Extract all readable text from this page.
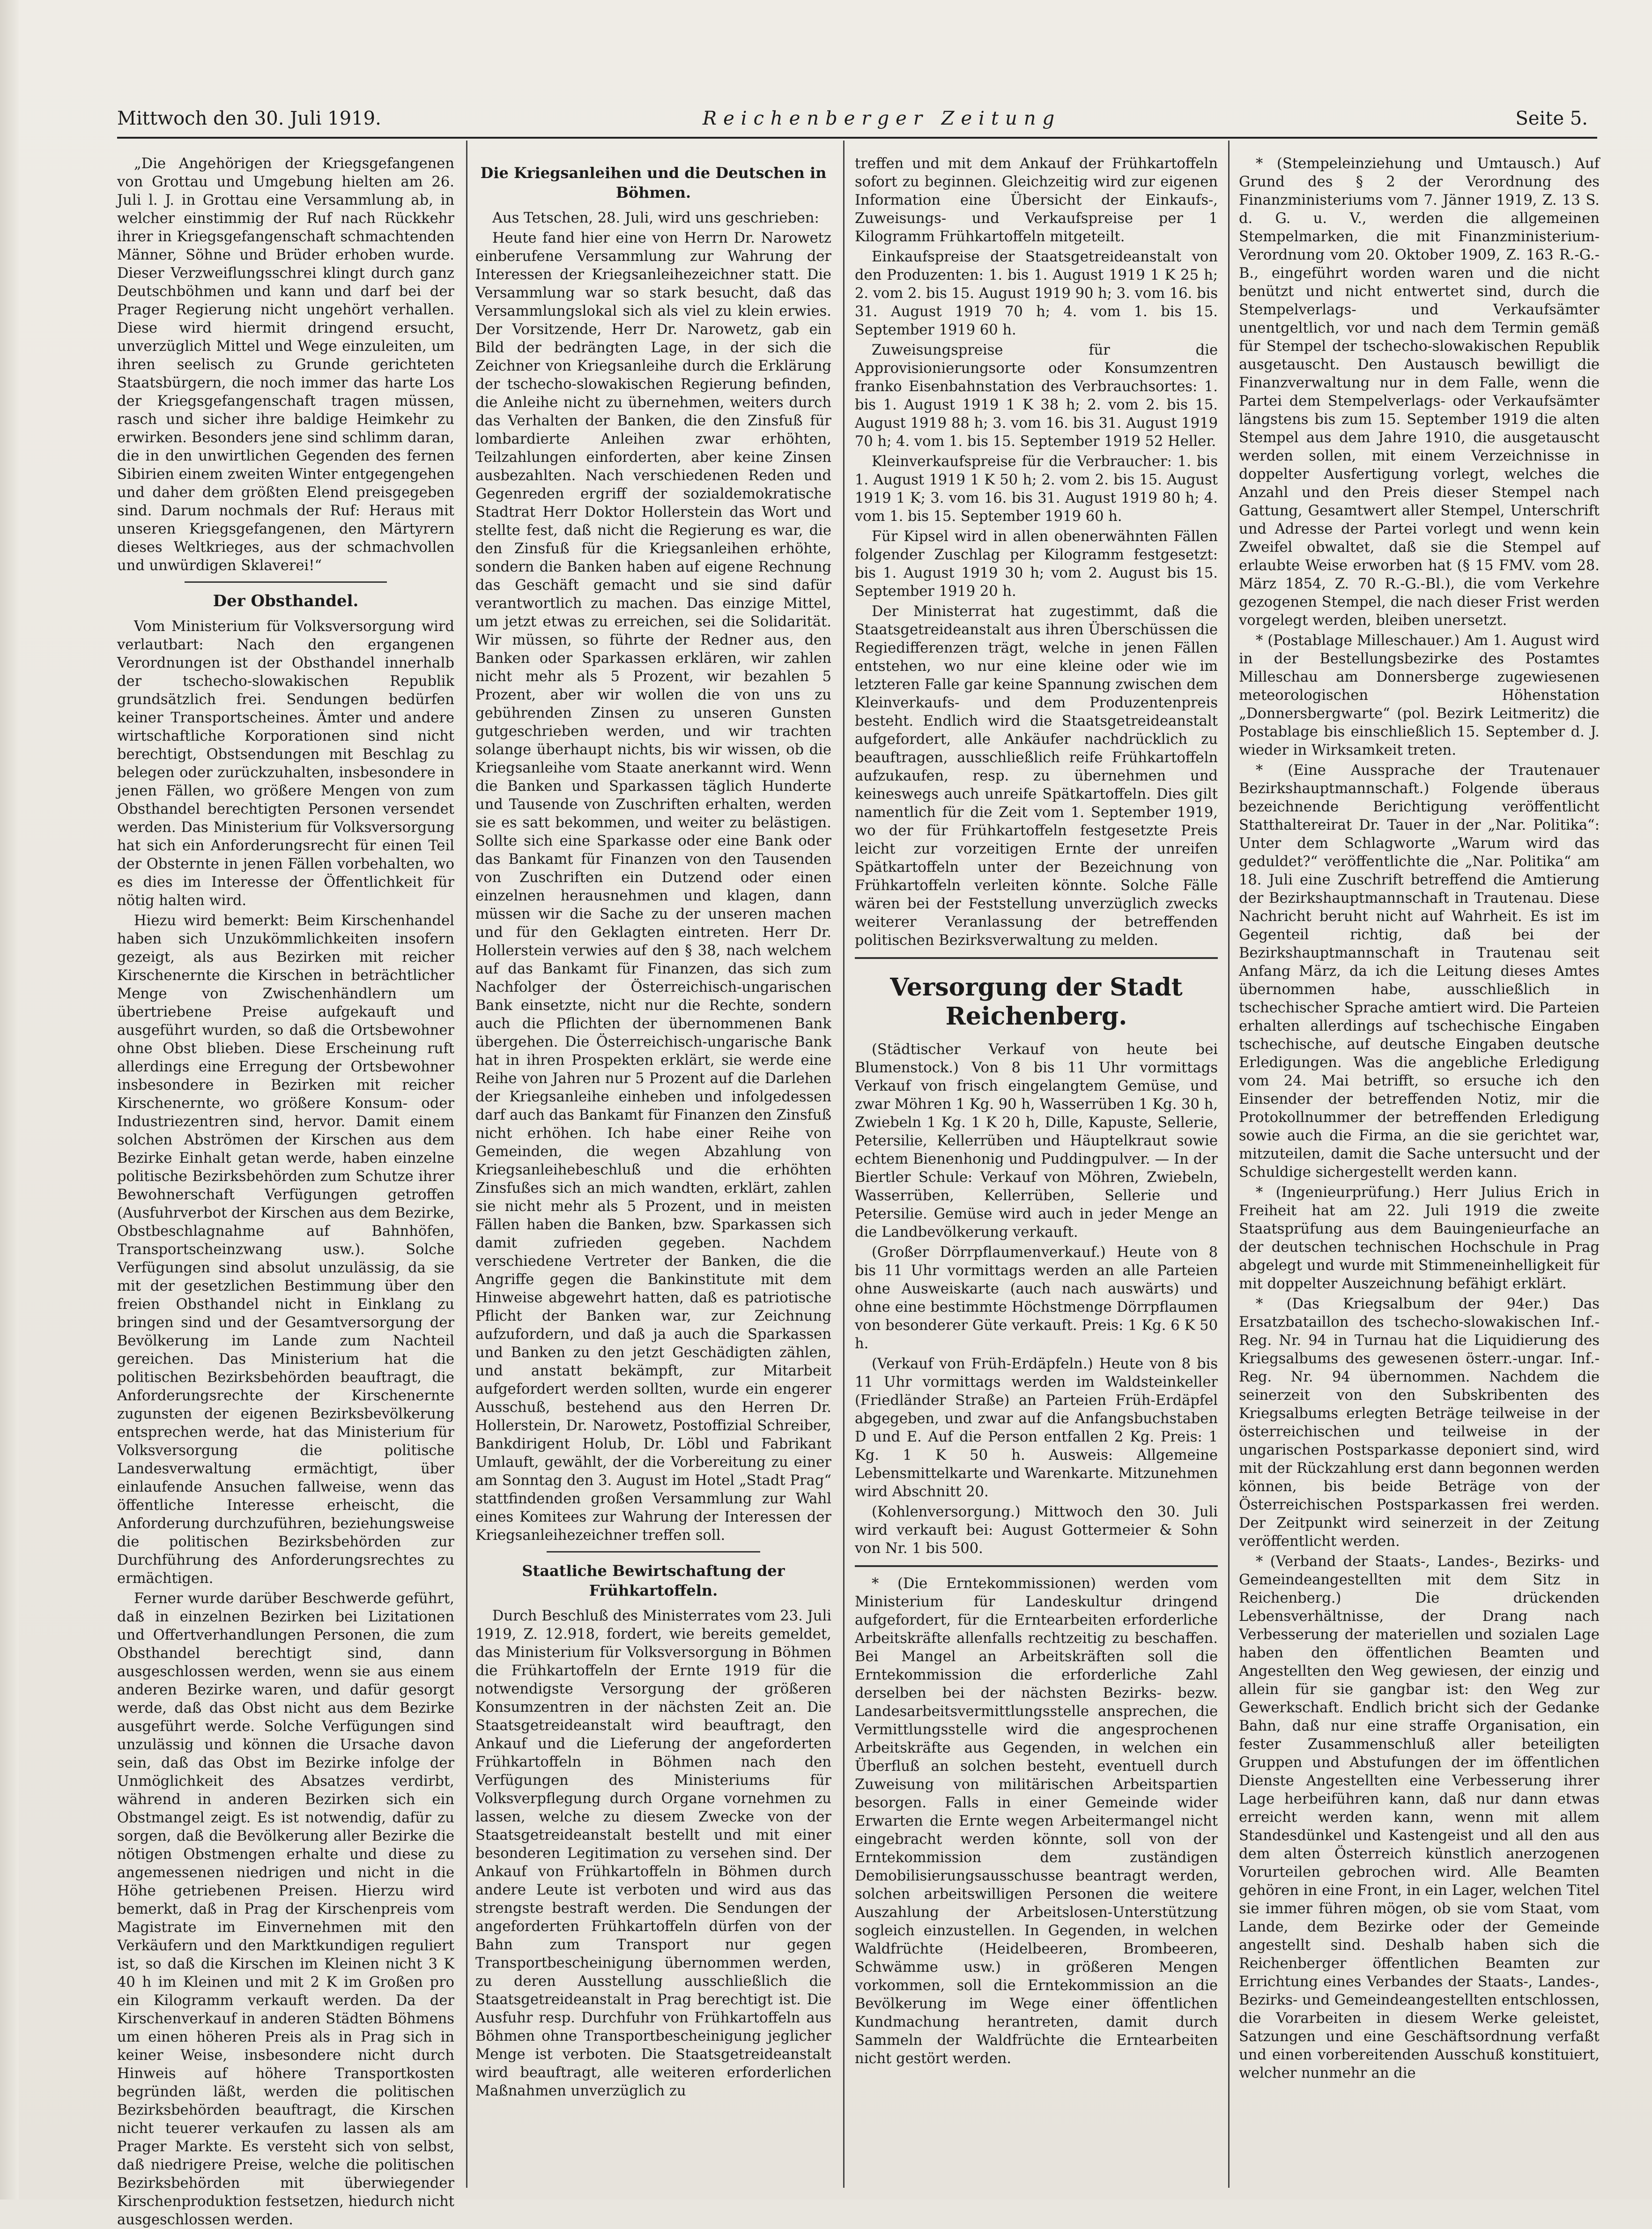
Mittwoch den 30. Juli 1919.	Reichenberger Zeitung	Seite 5.

„Die Angehörigen der Kriegsgefangenen von Grottau und Umgebung hielten am 26. Juli l. J. in Grottau eine Versammlung ab, in welcher einstimmig der Ruf nach Rückkehr ihrer in Kriegsgefangenschaft schmachtenden Männer, Söhne und Brüder erhoben wurde. Dieser Verzweiflungsschrei klingt durch ganz Deutschböhmen und kann und darf bei der Prager Regierung nicht ungehört verhallen. Diese wird hiermit dringend ersucht, unverzüglich Mittel und Wege einzuleiten, um ihren seelisch zu Grunde gerichteten Staatsbürgern, die noch immer das harte Los der Kriegsgefangenschaft tragen müssen, rasch und sicher ihre baldige Heimkehr zu erwirken. Besonders jene sind schlimm daran, die in den unwirtlichen Gegenden des fernen Sibirien einem zweiten Winter entgegengehen und daher dem größten Elend preisgegeben sind. Darum nochmals der Ruf: Heraus mit unseren Kriegsgefangenen, den Märtyrern dieses Weltkrieges, aus der schmachvollen und unwürdigen Sklaverei!“

Der Obsthandel.

Vom Ministerium für Volksversorgung wird verlautbart: Nach den ergangenen Verordnungen ist der Obsthandel innerhalb der tschecho-slowakischen Republik grundsätzlich frei. Sendungen bedürfen keiner Transportscheines. Ämter und andere wirtschaftliche Korporationen sind nicht berechtigt, Obstsendungen mit Beschlag zu belegen oder zurückzuhalten, insbesondere in jenen Fällen, wo größere Mengen von zum Obsthandel berechtigten Personen versendet werden. Das Ministerium für Volksversorgung hat sich ein Anforderungsrecht für einen Teil der Obsternte in jenen Fällen vorbehalten, wo es dies im Interesse der Öffentlichkeit für nötig halten wird.

Hiezu wird bemerkt: Beim Kirschenhandel haben sich Unzukömmlichkeiten insofern gezeigt, als aus Bezirken mit reicher Kirschenernte die Kirschen in beträchtlicher Menge von Zwischenhändlern um übertriebene Preise aufgekauft und ausgeführt wurden, so daß die Ortsbewohner ohne Obst blieben. Diese Erscheinung ruft allerdings eine Erregung der Ortsbewohner insbesondere in Bezirken mit reicher Kirschenernte, wo größere Konsum- oder Industriezentren sind, hervor. Damit einem solchen Abströmen der Kirschen aus dem Bezirke Einhalt getan werde, haben einzelne politische Bezirksbehörden zum Schutze ihrer Bewohnerschaft Verfügungen getroffen (Ausfuhrverbot der Kirschen aus dem Bezirke, Obstbeschlagnahme auf Bahnhöfen, Transportscheinzwang usw.). Solche Verfügungen sind absolut unzulässig, da sie mit der gesetzlichen Bestimmung über den freien Obsthandel nicht in Einklang zu bringen sind und der Gesamtversorgung der Bevölkerung im Lande zum Nachteil gereichen. Das Ministerium hat die politischen Bezirksbehörden beauftragt, die Anforderungsrechte der Kirschenernte zugunsten der eigenen Bezirksbevölkerung entsprechen werde, hat das Ministerium für Volksversorgung die politische Landesverwaltung ermächtigt, über einlaufende Ansuchen fallweise, wenn das öffentliche Interesse erheischt, die Anforderung durchzuführen, beziehungsweise die politischen Bezirksbehörden zur Durchführung des Anforderungsrechtes zu ermächtigen.

Ferner wurde darüber Beschwerde geführt, daß in einzelnen Bezirken bei Lizitationen und Offertverhandlungen Personen, die zum Obsthandel berechtigt sind, dann ausgeschlossen werden, wenn sie aus einem anderen Bezirke waren, und dafür gesorgt werde, daß das Obst nicht aus dem Bezirke ausgeführt werde. Solche Verfügungen sind unzulässig und können die Ursache davon sein, daß das Obst im Bezirke infolge der Unmöglichkeit des Absatzes verdirbt, während in anderen Bezirken sich ein Obstmangel zeigt. Es ist notwendig, dafür zu sorgen, daß die Bevölkerung aller Bezirke die nötigen Obstmengen erhalte und diese zu angemessenen niedrigen und nicht in die Höhe getriebenen Preisen. Hierzu wird bemerkt, daß in Prag der Kirschenpreis vom Magistrate im Einvernehmen mit den Verkäufern und den Marktkundigen reguliert ist, so daß die Kirschen im Kleinen nicht 3 K 40 h im Kleinen und mit 2 K im Großen pro ein Kilogramm verkauft werden. Da der Kirschenverkauf in anderen Städten Böhmens um einen höheren Preis als in Prag sich in keiner Weise, insbesondere nicht durch Hinweis auf höhere Transportkosten begründen läßt, werden die politischen Bezirksbehörden beauftragt, die Kirschen nicht teuerer verkaufen zu lassen als am Prager Markte. Es versteht sich von selbst, daß niedrigere Preise, welche die politischen Bezirksbehörden mit überwiegender Kirschenproduktion festsetzen, hiedurch nicht ausgeschlossen werden.

Die Kriegsanleihen und die Deutschen in Böhmen.

Aus Tetschen, 28. Juli, wird uns geschrieben:

Heute fand hier eine von Herrn Dr. Narowetz einberufene Versammlung zur Wahrung der Interessen der Kriegsanleihezeichner statt. Die Versammlung war so stark besucht, daß das Versammlungslokal sich als viel zu klein erwies. Der Vorsitzende, Herr Dr. Narowetz, gab ein Bild der bedrängten Lage, in der sich die Zeichner von Kriegsanleihe durch die Erklärung der tschecho-slowakischen Regierung befinden, die Anleihe nicht zu übernehmen, weiters durch das Verhalten der Banken, die den Zinsfuß für lombardierte Anleihen zwar erhöhten, Teilzahlungen einforderten, aber keine Zinsen ausbezahlten. Nach verschiedenen Reden und Gegenreden ergriff der sozialdemokratische Stadtrat Herr Doktor Hollerstein das Wort und stellte fest, daß nicht die Regierung es war, die den Zinsfuß für die Kriegsanleihen erhöhte, sondern die Banken haben auf eigene Rechnung das Geschäft gemacht und sie sind dafür verantwortlich zu machen. Das einzige Mittel, um jetzt etwas zu erreichen, sei die Solidarität. Wir müssen, so führte der Redner aus, den Banken oder Sparkassen erklären, wir zahlen nicht mehr als 5 Prozent, wir bezahlen 5 Prozent, aber wir wollen die von uns zu gebührenden Zinsen zu unseren Gunsten gutgeschrieben werden, und wir trachten solange überhaupt nichts, bis wir wissen, ob die Kriegsanleihe vom Staate anerkannt wird. Wenn die Banken und Sparkassen täglich Hunderte und Tausende von Zuschriften erhalten, werden sie es satt bekommen, und weiter zu belästigen. Sollte sich eine Sparkasse oder eine Bank oder das Bankamt für Finanzen von den Tausenden von Zuschriften ein Dutzend oder einen einzelnen herausnehmen und klagen, dann müssen wir die Sache zu der unseren machen und für den Geklagten eintreten. Herr Dr. Hollerstein verwies auf den § 38, nach welchem auf das Bankamt für Finanzen, das sich zum Nachfolger der Österreichisch-ungarischen Bank einsetzte, nicht nur die Rechte, sondern auch die Pflichten der übernommenen Bank übergehen. Die Österreichisch-ungarische Bank hat in ihren Prospekten erklärt, sie werde eine Reihe von Jahren nur 5 Prozent auf die Darlehen der Kriegsanleihe einheben und infolgedessen darf auch das Bankamt für Finanzen den Zinsfuß nicht erhöhen. Ich habe einer Reihe von Gemeinden, die wegen Abzahlung von Kriegsanleihebeschluß und die erhöhten Zinsfußes sich an mich wandten, erklärt, zahlen sie nicht mehr als 5 Prozent, und in meisten Fällen haben die Banken, bzw. Sparkassen sich damit zufrieden gegeben. Nachdem verschiedene Vertreter der Banken, die die Angriffe gegen die Bankinstitute mit dem Hinweise abgewehrt hatten, daß es patriotische Pflicht der Banken war, zur Zeichnung aufzufordern, und daß ja auch die Sparkassen und Banken zu den jetzt Geschädigten zählen, und anstatt bekämpft, zur Mitarbeit aufgefordert werden sollten, wurde ein engerer Ausschuß, bestehend aus den Herren Dr. Hollerstein, Dr. Narowetz, Postoffizial Schreiber, Bankdirigent Holub, Dr. Löbl und Fabrikant Umlauft, gewählt, der die Vorbereitung zu einer am Sonntag den 3. August im Hotel „Stadt Prag“ stattfindenden großen Versammlung zur Wahl eines Komitees zur Wahrung der Interessen der Kriegsanleihezeichner treffen soll.

Staatliche Bewirtschaftung der Frühkartoffeln.

Durch Beschluß des Ministerrates vom 23. Juli 1919, Z. 12.918, fordert, wie bereits gemeldet, das Ministerium für Volksversorgung in Böhmen die Frühkartoffeln der Ernte 1919 für die notwendigste Versorgung der größeren Konsumzentren in der nächsten Zeit an. Die Staatsgetreideanstalt wird beauftragt, den Ankauf und die Lieferung der angeforderten Frühkartoffeln in Böhmen nach den Verfügungen des Ministeriums für Volksverpflegung durch Organe vornehmen zu lassen, welche zu diesem Zwecke von der Staatsgetreideanstalt bestellt und mit einer besonderen Legitimation zu versehen sind. Der Ankauf von Frühkartoffeln in Böhmen durch andere Leute ist verboten und wird aus das strengste bestraft werden. Die Sendungen der angeforderten Frühkartoffeln dürfen von der Bahn zum Transport nur gegen Transportbescheinigung übernommen werden, zu deren Ausstellung ausschließlich die Staatsgetreideanstalt in Prag berechtigt ist. Die Ausfuhr resp. Durchfuhr von Frühkartoffeln aus Böhmen ohne Transportbescheinigung jeglicher Menge ist verboten. Die Staatsgetreideanstalt wird beauftragt, alle weiteren erforderlichen Maßnahmen unverzüglich zu

treffen und mit dem Ankauf der Frühkartoffeln sofort zu beginnen. Gleichzeitig wird zur eigenen Information eine Übersicht der Einkaufs-, Zuweisungs- und Verkaufspreise per 1 Kilogramm Frühkartoffeln mitgeteilt.

Einkaufspreise der Staatsgetreideanstalt von den Produzenten: 1. bis 1. August 1919 1 K 25 h; 2. vom 2. bis 15. August 1919 90 h; 3. vom 16. bis 31. August 1919 70 h; 4. vom 1. bis 15. September 1919 60 h.

Zuweisungspreise für die Approvisionierungsorte oder Konsumzentren franko Eisenbahnstation des Verbrauchsortes: 1. bis 1. August 1919 1 K 38 h; 2. vom 2. bis 15. August 1919 88 h; 3. vom 16. bis 31. August 1919 70 h; 4. vom 1. bis 15. September 1919 52 Heller.

Kleinverkaufspreise für die Verbraucher: 1. bis 1. August 1919 1 K 50 h; 2. vom 2. bis 15. August 1919 1 K; 3. vom 16. bis 31. August 1919 80 h; 4. vom 1. bis 15. September 1919 60 h.

Für Kipsel wird in allen obenerwähnten Fällen folgender Zuschlag per Kilogramm festgesetzt: bis 1. August 1919 30 h; vom 2. August bis 15. September 1919 20 h.

Der Ministerrat hat zugestimmt, daß die Staatsgetreideanstalt aus ihren Überschüssen die Regiedifferenzen trägt, welche in jenen Fällen entstehen, wo nur eine kleine oder wie im letzteren Falle gar keine Spannung zwischen dem Kleinverkaufs- und dem Produzentenpreis besteht. Endlich wird die Staatsgetreideanstalt aufgefordert, alle Ankäufer nachdrücklich zu beauftragen, ausschließlich reife Frühkartoffeln aufzukaufen, resp. zu übernehmen und keineswegs auch unreife Spätkartoffeln. Dies gilt namentlich für die Zeit vom 1. September 1919, wo der für Frühkartoffeln festgesetzte Preis leicht zur vorzeitigen Ernte der unreifen Spätkartoffeln unter der Bezeichnung von Frühkartoffeln verleiten könnte. Solche Fälle wären bei der Feststellung unverzüglich zwecks weiterer Veranlassung der betreffenden politischen Bezirksverwaltung zu melden.

Versorgung der Stadt Reichenberg.

(Städtischer Verkauf von heute bei Blumenstock.) Von 8 bis 11 Uhr vormittags Verkauf von frisch eingelangtem Gemüse, und zwar Möhren 1 Kg. 90 h, Wasserrüben 1 Kg. 30 h, Zwiebeln 1 Kg. 1 K 20 h, Dille, Kapuste, Sellerie, Petersilie, Kellerrüben und Häuptelkraut sowie echtem Bienenhonig und Puddingpulver. — In der Biertler Schule: Verkauf von Möhren, Zwiebeln, Wasserrüben, Kellerrüben, Sellerie und Petersilie. Gemüse wird auch in jeder Menge an die Landbevölkerung verkauft.

(Großer Dörrpflaumenverkauf.) Heute von 8 bis 11 Uhr vormittags werden an alle Parteien ohne Ausweiskarte (auch nach auswärts) und ohne eine bestimmte Höchstmenge Dörrpflaumen von besonderer Güte verkauft. Preis: 1 Kg. 6 K 50 h.

(Verkauf von Früh-Erdäpfeln.) Heute von 8 bis 11 Uhr vormittags werden im Waldsteinkeller (Friedländer Straße) an Parteien Früh-Erdäpfel abgegeben, und zwar auf die Anfangsbuchstaben D und E. Auf die Person entfallen 2 Kg. Preis: 1 Kg. 1 K 50 h. Ausweis: Allgemeine Lebensmittelkarte und Warenkarte. Mitzunehmen wird Abschnitt 20.

(Kohlenversorgung.) Mittwoch den 30. Juli wird verkauft bei: August Gottermeier & Sohn von Nr. 1 bis 500.

* (Die Erntekommissionen) werden vom Ministerium für Landeskultur dringend aufgefordert, für die Erntearbeiten erforderliche Arbeitskräfte allenfalls rechtzeitig zu beschaffen. Bei Mangel an Arbeitskräften soll die Erntekommission die erforderliche Zahl derselben bei der nächsten Bezirks- bezw. Landesarbeitsvermittlungsstelle ansprechen, die Vermittlungsstelle wird die angesprochenen Arbeitskräfte aus Gegenden, in welchen ein Überfluß an solchen besteht, eventuell durch Zuweisung von militärischen Arbeitspartien besorgen. Falls in einer Gemeinde wider Erwarten die Ernte wegen Arbeitermangel nicht eingebracht werden könnte, soll von der Erntekommission dem zuständigen Demobilisierungsausschusse beantragt werden, solchen arbeitswilligen Personen die weitere Auszahlung der Arbeitslosen-Unterstützung sogleich einzustellen. In Gegenden, in welchen Waldfrüchte (Heidelbeeren, Brombeeren, Schwämme usw.) in größeren Mengen vorkommen, soll die Erntekommission an die Bevölkerung im Wege einer öffentlichen Kundmachung herantreten, damit durch Sammeln der Waldfrüchte die Erntearbeiten nicht gestört werden.

* (Stempeleinziehung und Umtausch.) Auf Grund des § 2 der Verordnung des Finanzministeriums vom 7. Jänner 1919, Z. 13 S. d. G. u. V., werden die allgemeinen Stempelmarken, die mit Finanzministerium-Verordnung vom 20. Oktober 1909, Z. 163 R.-G.-B., eingeführt worden waren und die nicht benützt und nicht entwertet sind, durch die Stempelverlags- und Verkaufsämter unentgeltlich, vor und nach dem Termin gemäß für Stempel der tschecho-slowakischen Republik ausgetauscht. Den Austausch bewilligt die Finanzverwaltung nur in dem Falle, wenn die Partei dem Stempelverlags- oder Verkaufsämter längstens bis zum 15. September 1919 die alten Stempel aus dem Jahre 1910, die ausgetauscht werden sollen, mit einem Verzeichnisse in doppelter Ausfertigung vorlegt, welches die Anzahl und den Preis dieser Stempel nach Gattung, Gesamtwert aller Stempel, Unterschrift und Adresse der Partei vorlegt und wenn kein Zweifel obwaltet, daß sie die Stempel auf erlaubte Weise erworben hat (§ 15 FMV. vom 28. März 1854, Z. 70 R.-G.-Bl.), die vom Verkehre gezogenen Stempel, die nach dieser Frist werden vorgelegt werden, bleiben unersetzt.

* (Postablage Milleschauer.) Am 1. August wird in der Bestellungsbezirke des Postamtes Milleschau am Donnersberge zugewiesenen meteorologischen Höhenstation „Donnersbergwarte“ (pol. Bezirk Leitmeritz) die Postablage bis einschließlich 15. September d. J. wieder in Wirksamkeit treten.

* (Eine Aussprache der Trautenauer Bezirkshauptmannschaft.) Folgende überaus bezeichnende Berichtigung veröffentlicht Statthaltereirat Dr. Tauer in der „Nar. Politika“: Unter dem Schlagworte „Warum wird das geduldet?“ veröffentlichte die „Nar. Politika“ am 18. Juli eine Zuschrift betreffend die Amtierung der Bezirkshauptmannschaft in Trautenau. Diese Nachricht beruht nicht auf Wahrheit. Es ist im Gegenteil richtig, daß bei der Bezirkshauptmannschaft in Trautenau seit Anfang März, da ich die Leitung dieses Amtes übernommen habe, ausschließlich in tschechischer Sprache amtiert wird. Die Parteien erhalten allerdings auf tschechische Eingaben tschechische, auf deutsche Eingaben deutsche Erledigungen. Was die angebliche Erledigung vom 24. Mai betrifft, so ersuche ich den Einsender der betreffenden Notiz, mir die Protokollnummer der betreffenden Erledigung sowie auch die Firma, an die sie gerichtet war, mitzuteilen, damit die Sache untersucht und der Schuldige sichergestellt werden kann.

* (Ingenieurprüfung.) Herr Julius Erich in Freiheit hat am 22. Juli 1919 die zweite Staatsprüfung aus dem Bauingenieurfache an der deutschen technischen Hochschule in Prag abgelegt und wurde mit Stimmeneinhelligkeit für mit doppelter Auszeichnung befähigt erklärt.

* (Das Kriegsalbum der 94er.) Das Ersatzbataillon des tschecho-slowakischen Inf.-Reg. Nr. 94 in Turnau hat die Liquidierung des Kriegsalbums des gewesenen österr.-ungar. Inf.-Reg. Nr. 94 übernommen. Nachdem die seinerzeit von den Subskribenten des Kriegsalbums erlegten Beträge teilweise in der österreichischen und teilweise in der ungarischen Postsparkasse deponiert sind, wird mit der Rückzahlung erst dann begonnen werden können, bis beide Beträge von der Österreichischen Postsparkassen frei werden. Der Zeitpunkt wird seinerzeit in der Zeitung veröffentlicht werden.

* (Verband der Staats-, Landes-, Bezirks- und Gemeindeangestellten mit dem Sitz in Reichenberg.) Die drückenden Lebensverhältnisse, der Drang nach Verbesserung der materiellen und sozialen Lage haben den öffentlichen Beamten und Angestellten den Weg gewiesen, der einzig und allein für sie gangbar ist: den Weg zur Gewerkschaft. Endlich bricht sich der Gedanke Bahn, daß nur eine straffe Organisation, ein fester Zusammenschluß aller beteiligten Gruppen und Abstufungen der im öffentlichen Dienste Angestellten eine Verbesserung ihrer Lage herbeiführen kann, daß nur dann etwas erreicht werden kann, wenn mit allem Standesdünkel und Kastengeist und all den aus dem alten Österreich künstlich anerzogenen Vorurteilen gebrochen wird. Alle Beamten gehören in eine Front, in ein Lager, welchen Titel sie immer führen mögen, ob sie vom Staat, vom Lande, dem Bezirke oder der Gemeinde angestellt sind. Deshalb haben sich die Reichenberger öffentlichen Beamten zur Errichtung eines Verbandes der Staats-, Landes-, Bezirks- und Gemeindeangestellten entschlossen, die Vorarbeiten in diesem Werke geleistet, Satzungen und eine Geschäftsordnung verfaßt und einen vorbereitenden Ausschuß konstituiert, welcher nunmehr an die
